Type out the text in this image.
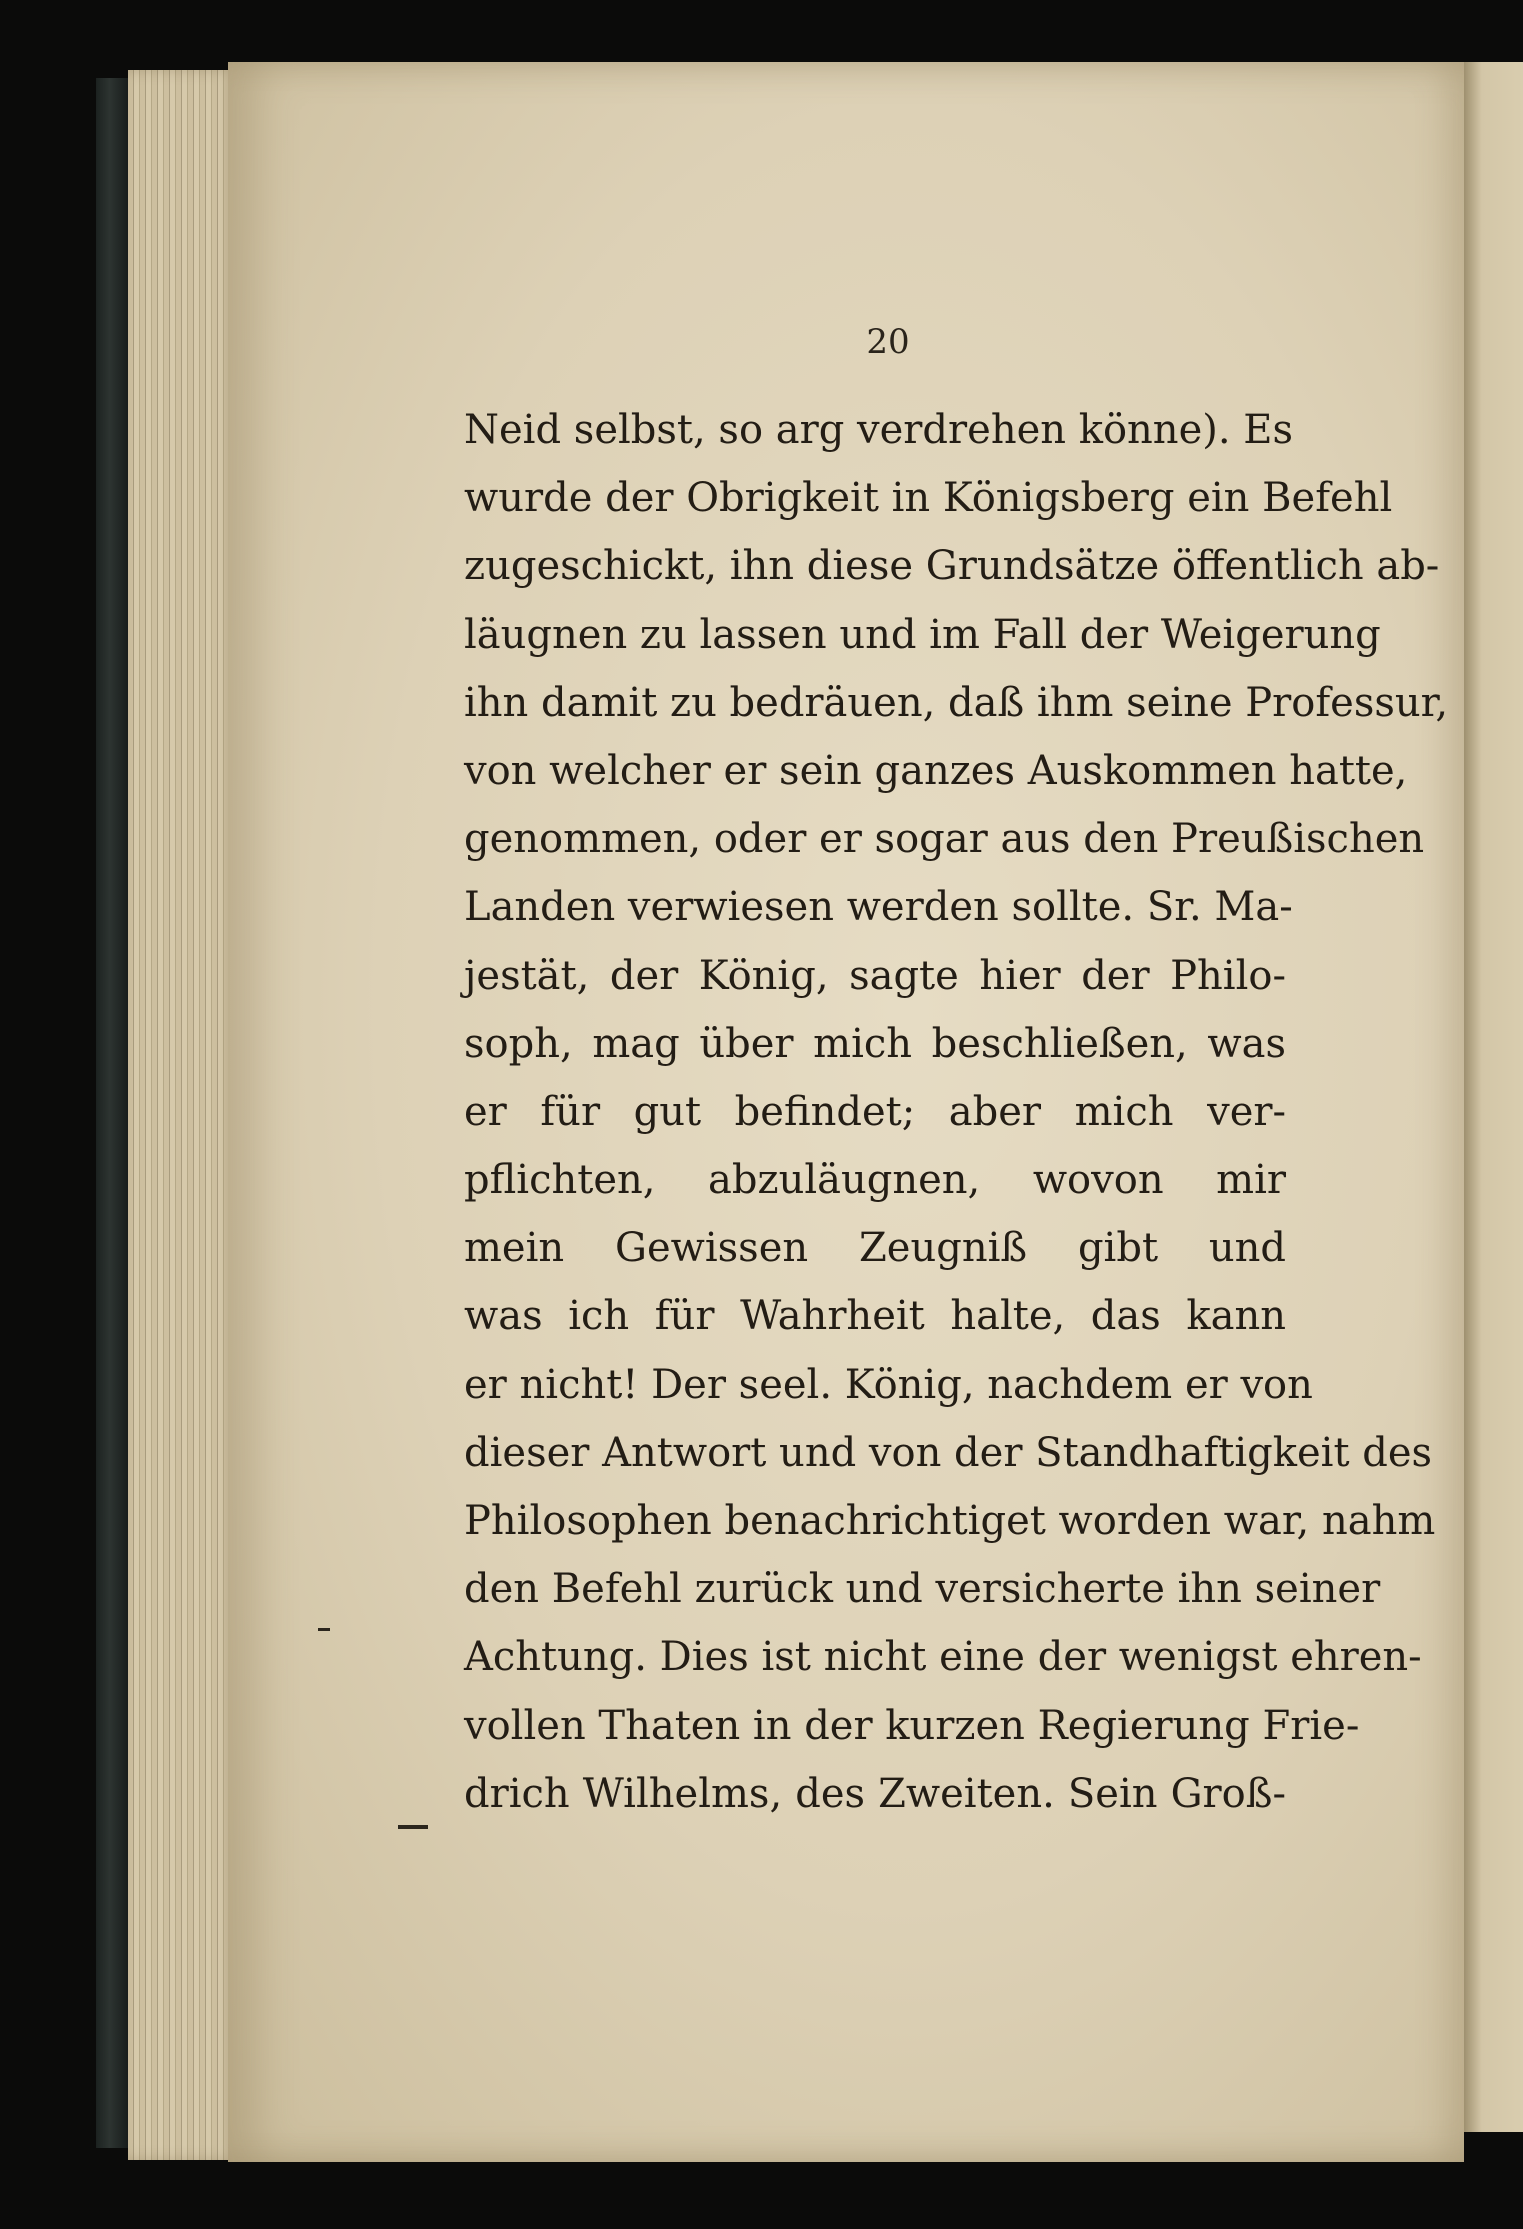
20
Neid selbst, so arg verdrehen könne). Es
wurde der Obrigkeit in Königsberg ein Befehl
zugeschickt, ihn diese Grundsätze öffentlich ab-
läugnen zu lassen und im Fall der Weigerung
ihn damit zu bedräuen, daß ihm seine Professur,
von welcher er sein ganzes Auskommen hatte,
genommen, oder er sogar aus den Preußischen
Landen verwiesen werden sollte. Sr. Ma-
jestät, der König, sagte hier der Philo-
soph, mag über mich beschließen, was
er für gut befindet; aber mich ver-
pflichten, abzuläugnen, wovon mir
mein Gewissen Zeugniß gibt und
was ich für Wahrheit halte, das kann
er nicht! Der seel. König, nachdem er von
dieser Antwort und von der Standhaftigkeit des
Philosophen benachrichtiget worden war, nahm
den Befehl zurück und versicherte ihn seiner
Achtung. Dies ist nicht eine der wenigst ehren-
vollen Thaten in der kurzen Regierung Frie-
drich Wilhelms, des Zweiten. Sein Groß-
